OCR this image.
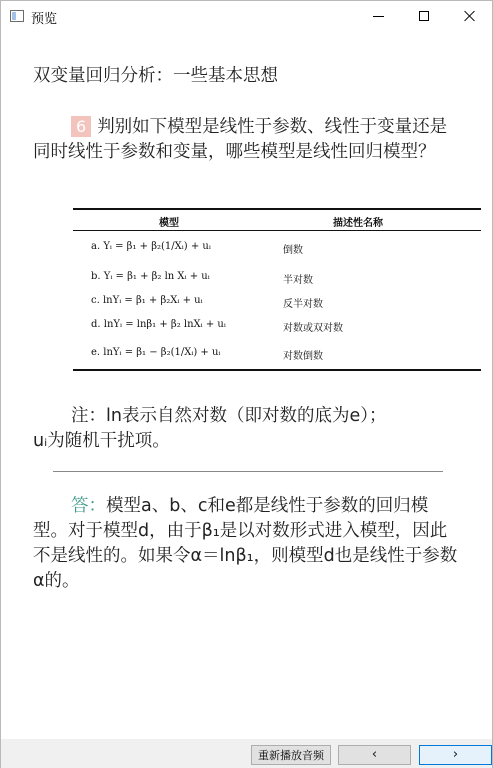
预览
双变量回归分析：一些基本思想
6 判别如下模型是线性于参数、线性于变量还是同时线性于参数和变量，哪些模型是线性回归模型？
模型	描述性名称
a. Yᵢ = β₁ + β₂(1/Xᵢ) + uᵢ	倒数
b. Yᵢ = β₁ + β₂ ln Xᵢ + uᵢ	半对数
c. lnYᵢ = β₁ + β₂Xᵢ + uᵢ	反半对数
d. lnYᵢ = lnβ₁ + β₂ lnXᵢ + uᵢ	对数或双对数
e. lnYᵢ = β₁ − β₂(1/Xᵢ) + uᵢ	对数倒数
注：ln表示自然对数（即对数的底为e）；
uᵢ为随机干扰项。
答：模型a、b、c和e都是线性于参数的回归模型。对于模型d，由于β₁是以对数形式进入模型，因此不是线性的。如果令α＝lnβ₁，则模型d也是线性于参数α的。
重新播放音频	‹	›
